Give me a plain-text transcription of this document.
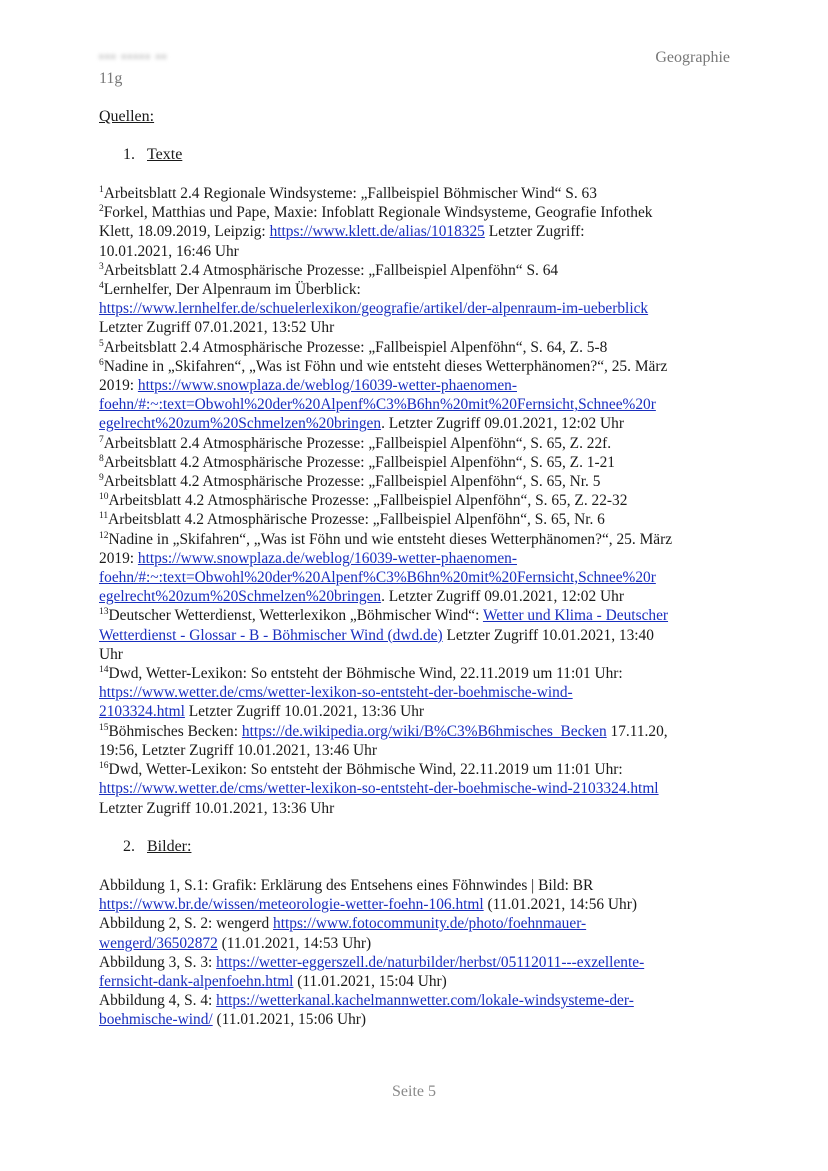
▪▪▪ ▪▪▪▪▪ ▪▪	Geographie
11g
Quellen:
1. Texte
$^1$Arbeitsblatt 2.4 Regionale Windsysteme: „Fallbeispiel Böhmischer Wind“ S. 63
$^2$Forkel, Matthias und Pape, Maxie: Infoblatt Regionale Windsysteme, Geografie Infothek
Klett, 18.09.2019, Leipzig: https://www.klett.de/alias/1018325 Letzter Zugriff:
10.01.2021, 16:46 Uhr
$^3$Arbeitsblatt 2.4 Atmosphärische Prozesse: „Fallbeispiel Alpenföhn“ S. 64
$^4$Lernhelfer, Der Alpenraum im Überblick:
https://www.lernhelfer.de/schuelerlexikon/geografie/artikel/der-alpenraum-im-ueberblick
Letzter Zugriff 07.01.2021, 13:52 Uhr
$^5$Arbeitsblatt 2.4 Atmosphärische Prozesse: „Fallbeispiel Alpenföhn“, S. 64, Z. 5-8
$^6$Nadine in „Skifahren“, „Was ist Föhn und wie entsteht dieses Wetterphänomen?“, 25. März
2019: https://www.snowplaza.de/weblog/16039-wetter-phaenomen-
foehn/#:~:text=Obwohl%20der%20Alpenf%C3%B6hn%20mit%20Fernsicht,Schnee%20r
egelrecht%20zum%20Schmelzen%20bringen. Letzter Zugriff 09.01.2021, 12:02 Uhr
$^7$Arbeitsblatt 2.4 Atmosphärische Prozesse: „Fallbeispiel Alpenföhn“, S. 65, Z. 22f.
$^8$Arbeitsblatt 4.2 Atmosphärische Prozesse: „Fallbeispiel Alpenföhn“, S. 65, Z. 1-21
$^9$Arbeitsblatt 4.2 Atmosphärische Prozesse: „Fallbeispiel Alpenföhn“, S. 65, Nr. 5
$^{10}$Arbeitsblatt 4.2 Atmosphärische Prozesse: „Fallbeispiel Alpenföhn“, S. 65, Z. 22-32
$^{11}$Arbeitsblatt 4.2 Atmosphärische Prozesse: „Fallbeispiel Alpenföhn“, S. 65, Nr. 6
$^{12}$Nadine in „Skifahren“, „Was ist Föhn und wie entsteht dieses Wetterphänomen?“, 25. März
2019: https://www.snowplaza.de/weblog/16039-wetter-phaenomen-
foehn/#:~:text=Obwohl%20der%20Alpenf%C3%B6hn%20mit%20Fernsicht,Schnee%20r
egelrecht%20zum%20Schmelzen%20bringen. Letzter Zugriff 09.01.2021, 12:02 Uhr
$^{13}$Deutscher Wetterdienst, Wetterlexikon „Böhmischer Wind“: Wetter und Klima - Deutscher
Wetterdienst - Glossar - B - Böhmischer Wind (dwd.de) Letzter Zugriff 10.01.2021, 13:40
Uhr
$^{14}$Dwd, Wetter-Lexikon: So entsteht der Böhmische Wind, 22.11.2019 um 11:01 Uhr:
https://www.wetter.de/cms/wetter-lexikon-so-entsteht-der-boehmische-wind-
2103324.html Letzter Zugriff 10.01.2021, 13:36 Uhr
$^{15}$Böhmisches Becken: https://de.wikipedia.org/wiki/B%C3%B6hmisches_Becken 17.11.20,
19:56, Letzter Zugriff 10.01.2021, 13:46 Uhr
$^{16}$Dwd, Wetter-Lexikon: So entsteht der Böhmische Wind, 22.11.2019 um 11:01 Uhr:
https://www.wetter.de/cms/wetter-lexikon-so-entsteht-der-boehmische-wind-2103324.html
Letzter Zugriff 10.01.2021, 13:36 Uhr
2. Bilder:
Abbildung 1, S.1: Grafik: Erklärung des Entsehens eines Föhnwindes | Bild: BR
https://www.br.de/wissen/meteorologie-wetter-foehn-106.html (11.01.2021, 14:56 Uhr)
Abbildung 2, S. 2: wengerd https://www.fotocommunity.de/photo/foehnmauer-
wengerd/36502872 (11.01.2021, 14:53 Uhr)
Abbildung 3, S. 3: https://wetter-eggerszell.de/naturbilder/herbst/05112011---exzellente-
fernsicht-dank-alpenfoehn.html (11.01.2021, 15:04 Uhr)
Abbildung 4, S. 4: https://wetterkanal.kachelmannwetter.com/lokale-windsysteme-der-
boehmische-wind/ (11.01.2021, 15:06 Uhr)
Seite 5
